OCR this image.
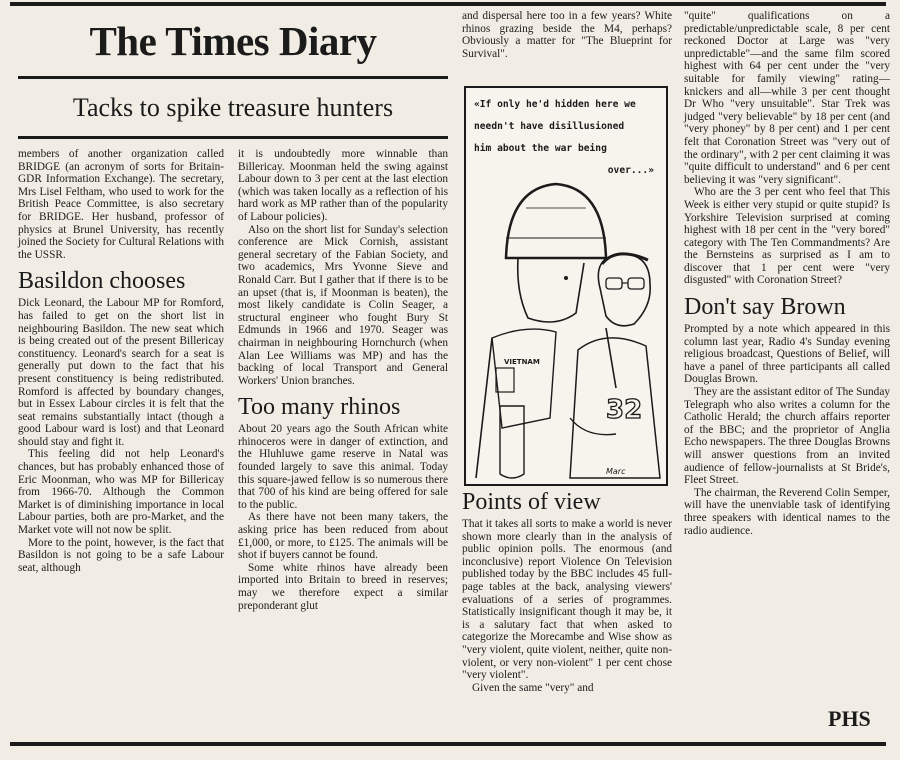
The Times Diary
Tacks to spike treasure hunters

members of another organization called BRIDGE (an acronym of sorts for Britain-GDR Information Exchange). The secretary, Mrs Lisel Feltham, who used to work for the British Peace Committee, is also secretary for BRIDGE. Her husband, professor of physics at Brunel University, has recently joined the Society for Cultural Relations with the USSR.

Basildon chooses

Dick Leonard, the Labour MP for Romford, has failed to get on the short list in neighbouring Basildon. The new seat which is being created out of the present Billericay constituency. Leonard's search for a seat is generally put down to the fact that his present constituency is being redistributed. Romford is affected by boundary changes, but in Essex Labour circles it is felt that the seat remains substantially intact (though a good Labour ward is lost) and that Leonard should stay and fight it.

This feeling did not help Leonard's chances, but has probably enhanced those of Eric Moonman, who was MP for Billericay from 1966-70. Although the Common Market is of diminishing importance in local Labour parties, both are pro-Market, and the Market vote will not now be split.

More to the point, however, is the fact that Basildon is not going to be a safe Labour seat, although

it is undoubtedly more winnable than Billericay. Moonman held the swing against Labour down to 3 per cent at the last election (which was taken locally as a reflection of his hard work as MP rather than of the popularity of Labour policies).

Also on the short list for Sunday's selection conference are Mick Cornish, assistant general secretary of the Fabian Society, and two academics, Mrs Yvonne Sieve and Ronald Carr. But I gather that if there is to be an upset (that is, if Moonman is beaten), the most likely candidate is Colin Seager, a structural engineer who fought Bury St Edmunds in 1966 and 1970. Seager was chairman in neighbouring Hornchurch (when Alan Lee Williams was MP) and has the backing of local Transport and General Workers' Union branches.

Too many rhinos

About 20 years ago the South African white rhinoceros were in danger of extinction, and the Hluhluwe game reserve in Natal was founded largely to save this animal. Today this square-jawed fellow is so numerous there that 700 of his kind are being offered for sale to the public.

As there have not been many takers, the asking price has been reduced from about £1,000, or more, to £125. The animals will be shot if buyers cannot be found.

Some white rhinos have already been imported into Britain to breed in reserves; may we therefore expect a similar preponderant glut

and dispersal here too in a few years? White rhinos grazing beside the M4, perhaps? Obviously a matter for "The Blueprint for Survival".

«If only he'd hidden here we
needn't have disillusioned
him about the war being
over...»
VIETNAM
32
Marc
Points of view

That it takes all sorts to make a world is never shown more clearly than in the analysis of public opinion polls. The enormous (and inconclusive) report Violence On Television published today by the BBC includes 45 full-page tables at the back, analysing viewers' evaluations of a series of programmes. Statistically insignificant though it may be, it is a salutary fact that when asked to categorize the Morecambe and Wise show as "very violent, quite violent, neither, quite non-violent, or very non-violent" 1 per cent chose "very violent".

Given the same "very" and

"quite" qualifications on a predictable/unpredictable scale, 8 per cent reckoned Doctor at Large was "very unpredictable"—and the same film scored highest with 64 per cent under the "very suitable for family viewing" rating—knickers and all—while 3 per cent thought Dr Who "very unsuitable". Star Trek was judged "very believable" by 18 per cent (and "very phoney" by 8 per cent) and 1 per cent felt that Coronation Street was "very out of the ordinary", with 2 per cent claiming it was "quite difficult to understand" and 6 per cent believing it was "very significant".

Who are the 3 per cent who feel that This Week is either very stupid or quite stupid? Is Yorkshire Television surprised at coming highest with 18 per cent in the "very bored" category with The Ten Commandments? Are the Bernsteins as surprised as I am to discover that 1 per cent were "very disgusted" with Coronation Street?

Don't say Brown

Prompted by a note which appeared in this column last year, Radio 4's Sunday evening religious broadcast, Questions of Belief, will have a panel of three participants all called Douglas Brown.

They are the assistant editor of The Sunday Telegraph who also writes a column for the Catholic Herald; the church affairs reporter of the BBC; and the proprietor of Anglia Echo newspapers. The three Douglas Browns will answer questions from an invited audience of fellow-journalists at St Bride's, Fleet Street.

The chairman, the Reverend Colin Semper, will have the unenviable task of identifying three speakers with identical names to the radio audience.

PHS
